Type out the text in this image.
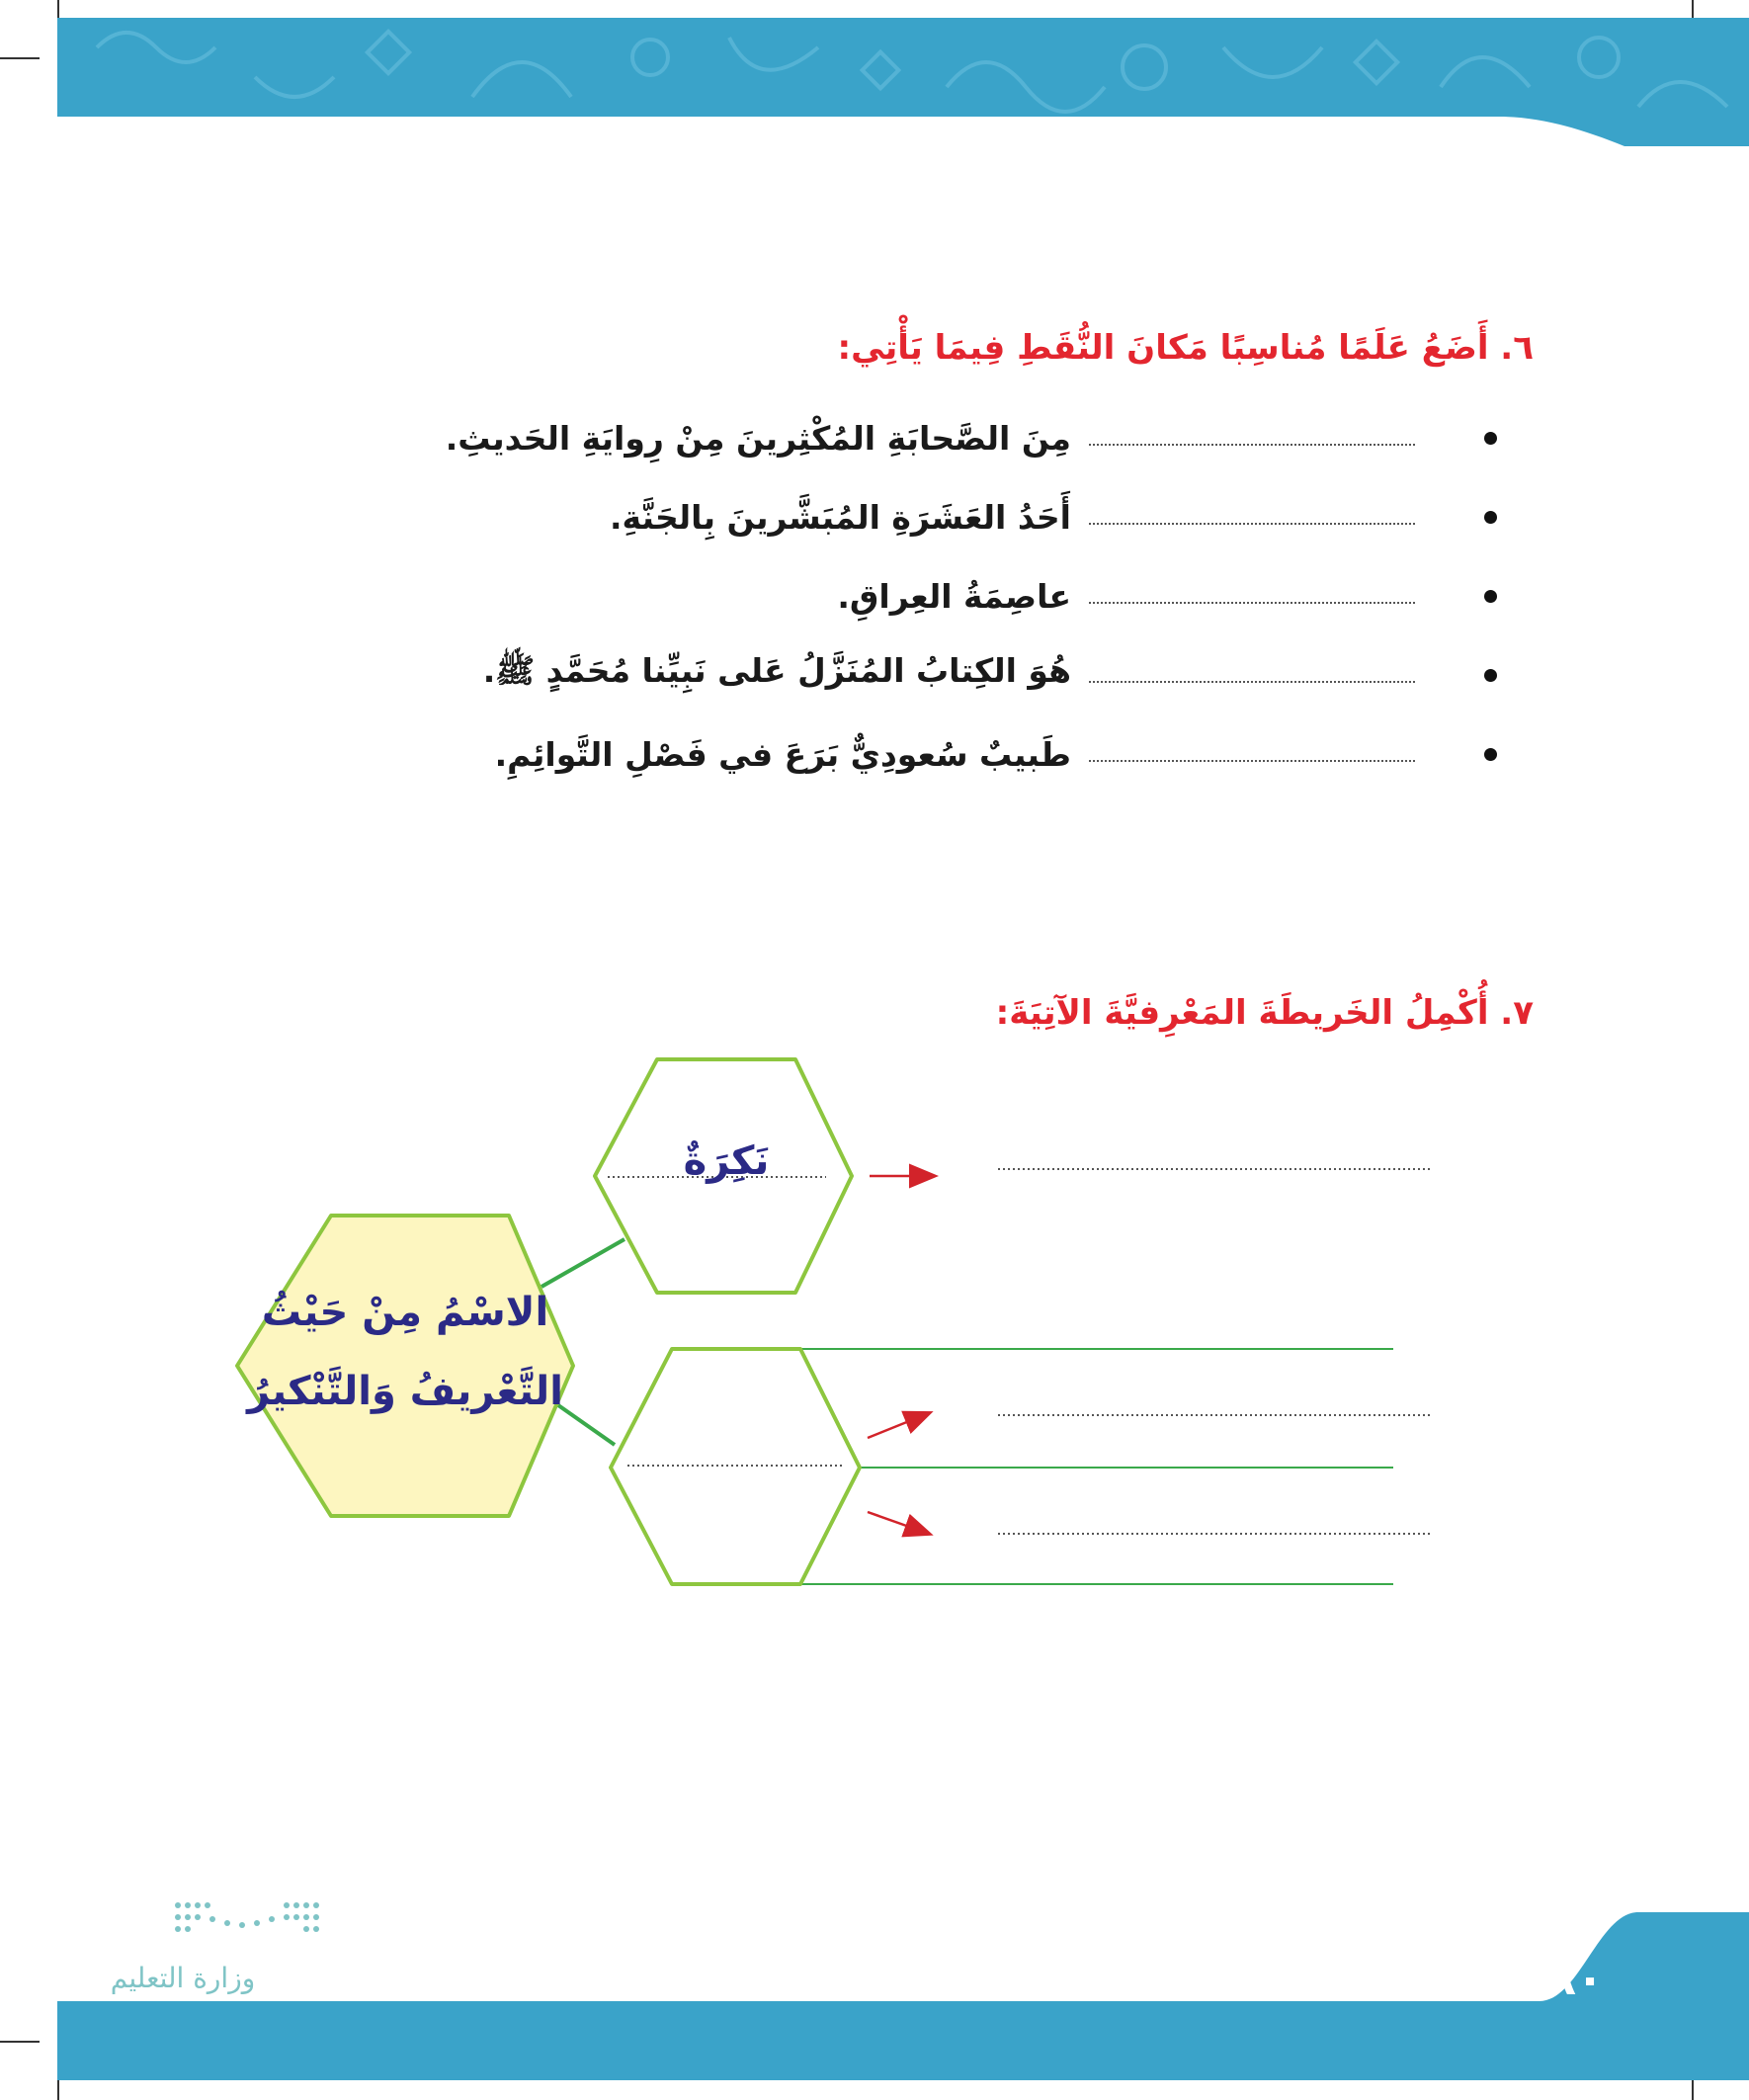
٦. أَضَعُ عَلَمًا مُناسِبًا مَكانَ النُّقَطِ فِيمَا يَأْتِي:
مِنَ الصَّحابَةِ المُكْثِرينَ مِنْ رِوايَةِ الحَديثِ.
أَحَدُ العَشَرَةِ المُبَشَّرينَ بِالجَنَّةِ.
عاصِمَةُ العِراقِ.
هُوَ الكِتابُ المُنَزَّلُ عَلى نَبِيِّنا مُحَمَّدٍ ﷺ.
طَبيبٌ سُعودِيٌّ بَرَعَ في فَصْلِ التَّوائِمِ.
٧. أُكْمِلُ الخَريطَةَ المَعْرِفيَّةَ الآتِيَةَ:
الاسْمُ مِنْ حَيْثُ
التَّعْريفُ وَالتَّنْكيرُ
نَكِرَةٌ
وزارة التعليم	٨٠
